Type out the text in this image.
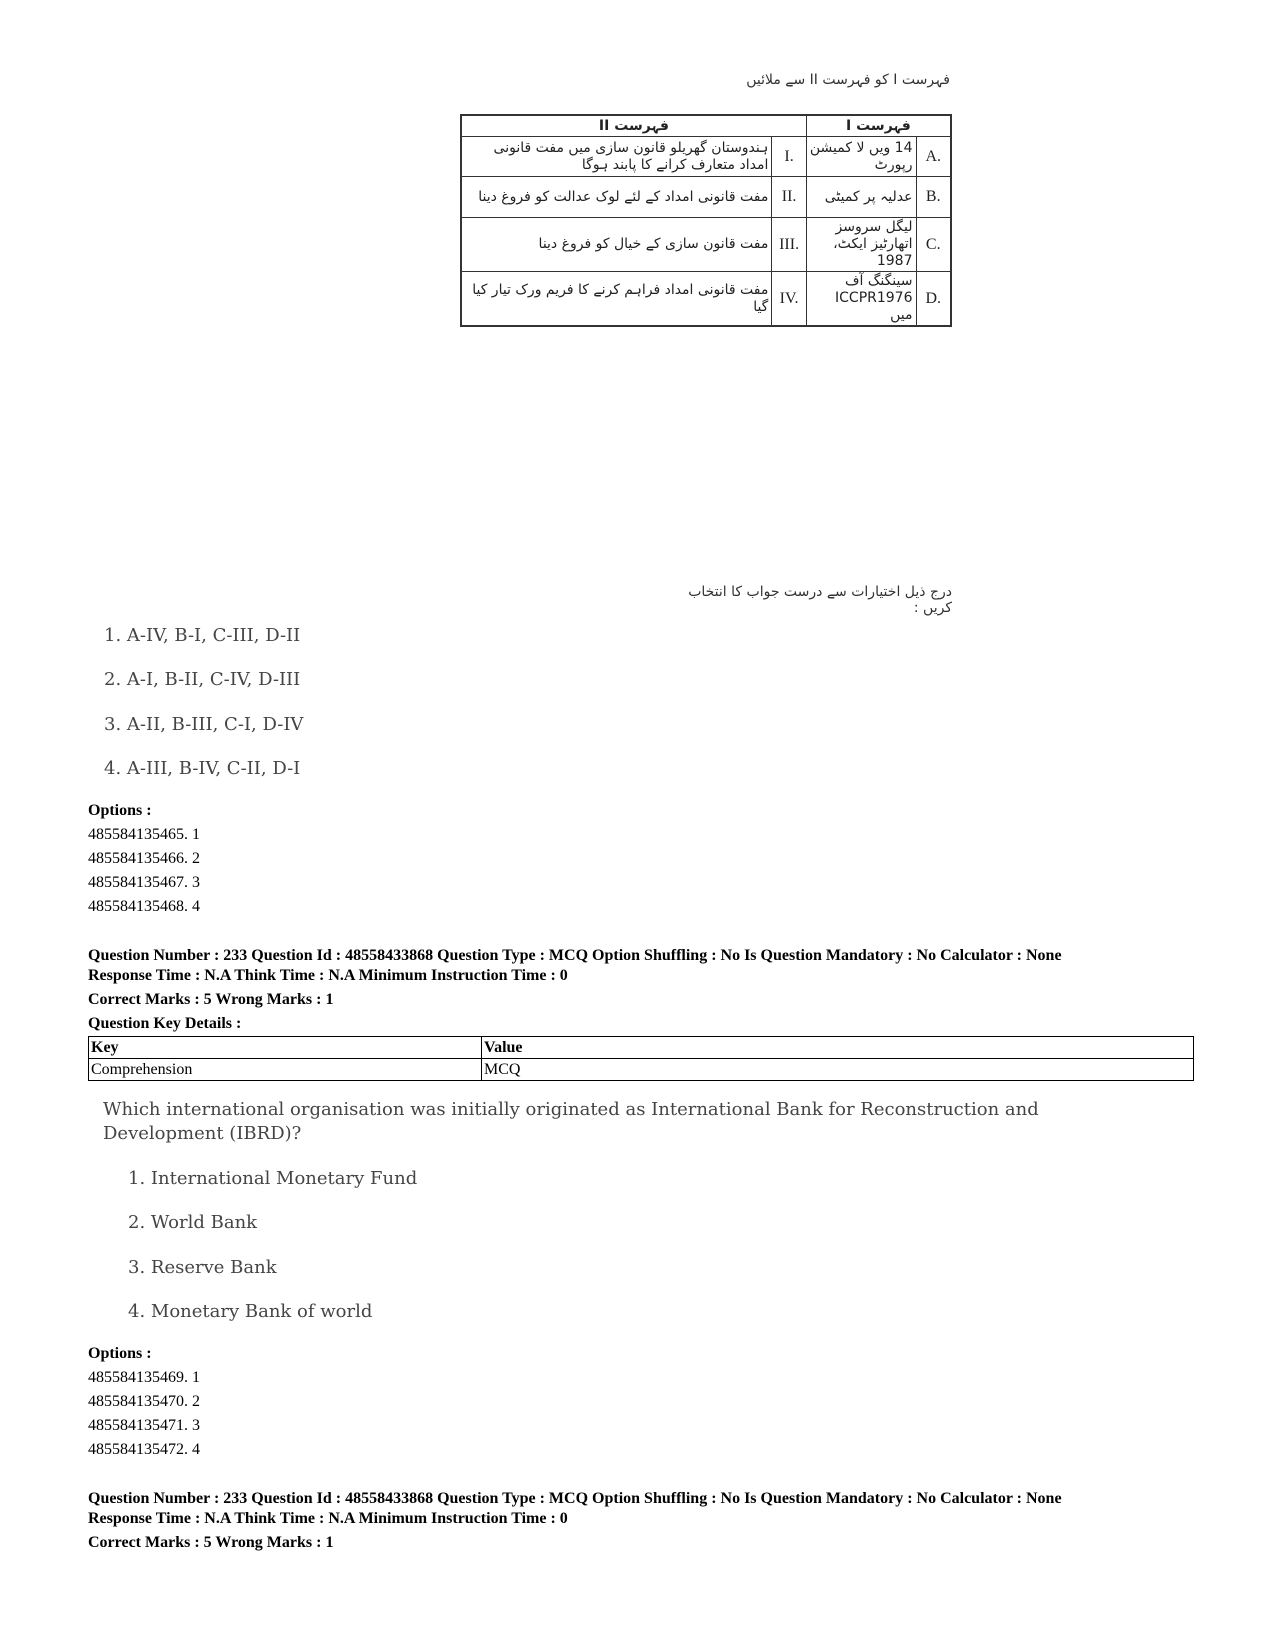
فہرست I کو فہرست II سے ملائیں
فہرست I		فہرست II	
A.	14 ویں لا کمیشن رپورٹ	I.	ہندوستان گھریلو قانون سازی میں مفت قانونی امداد متعارف کرانے کا پابند ہوگا
B.	عدلیہ پر کمیٹی	II.	مفت قانونی امداد کے لئے لوک عدالت کو فروغ دینا
C.	لیگل سروسز اتھارٹیز ایکٹ، 1987	III.	مفت قانون سازی کے خیال کو فروغ دینا
D.	سینگنگ آف ICCPR1976 میں	IV.	مفت قانونی امداد فراہم کرنے کا فریم ورک تیار کیا گیا
درج ذیل اختیارات سے درست جواب کا انتخاب کریں :
1. A-IV, B-I, C-III, D-II
2. A-I, B-II, C-IV, D-III
3. A-II, B-III, C-I, D-IV
4. A-III, B-IV, C-II, D-I
Options :
485584135465. 1
485584135466. 2
485584135467. 3
485584135468. 4
Question Number : 233 Question Id : 48558433868 Question Type : MCQ Option Shuffling : No Is Question Mandatory : No Calculator : None
Response Time : N.A Think Time : N.A Minimum Instruction Time : 0
Correct Marks : 5 Wrong Marks : 1
Question Key Details :
Key	Value
Comprehension	MCQ
Which international organisation was initially originated as International Bank for Reconstruction and
Development (IBRD)?
1. International Monetary Fund
2. World Bank
3. Reserve Bank
4. Monetary Bank of world
Options :
485584135469. 1
485584135470. 2
485584135471. 3
485584135472. 4
Question Number : 233 Question Id : 48558433868 Question Type : MCQ Option Shuffling : No Is Question Mandatory : No Calculator : None
Response Time : N.A Think Time : N.A Minimum Instruction Time : 0
Correct Marks : 5 Wrong Marks : 1
